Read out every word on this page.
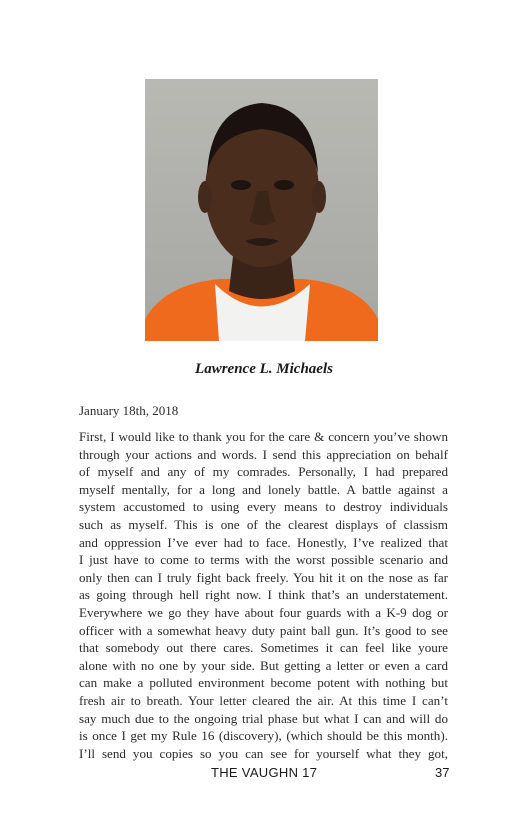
Lawrence L. Michaels
January 18th, 2018

First, I would like to thank you for the care & concern you’ve shown
through your actions and words. I send this appreciation on behalf
of myself and any of my comrades. Personally, I had prepared
myself mentally, for a long and lonely battle. A battle against a
system accustomed to using every means to destroy individuals
such as myself. This is one of the clearest displays of classism
and oppression I’ve ever had to face. Honestly, I’ve realized that
I just have to come to terms with the worst possible scenario and
only then can I truly fight back freely. You hit it on the nose as far
as going through hell right now. I think that’s an understatement.
Everywhere we go they have about four guards with a K-9 dog or
officer with a somewhat heavy duty paint ball gun. It’s good to see
that somebody out there cares. Sometimes it can feel like youre
alone with no one by your side. But getting a letter or even a card
can make a polluted environment become potent with nothing but
fresh air to breath. Your letter cleared the air. At this time I can’t
say much due to the ongoing trial phase but what I can and will do
is once I get my Rule 16 (discovery), (which should be this month).
I’ll send you copies so you can see for yourself what they got,

THE VAUGHN 17	37
